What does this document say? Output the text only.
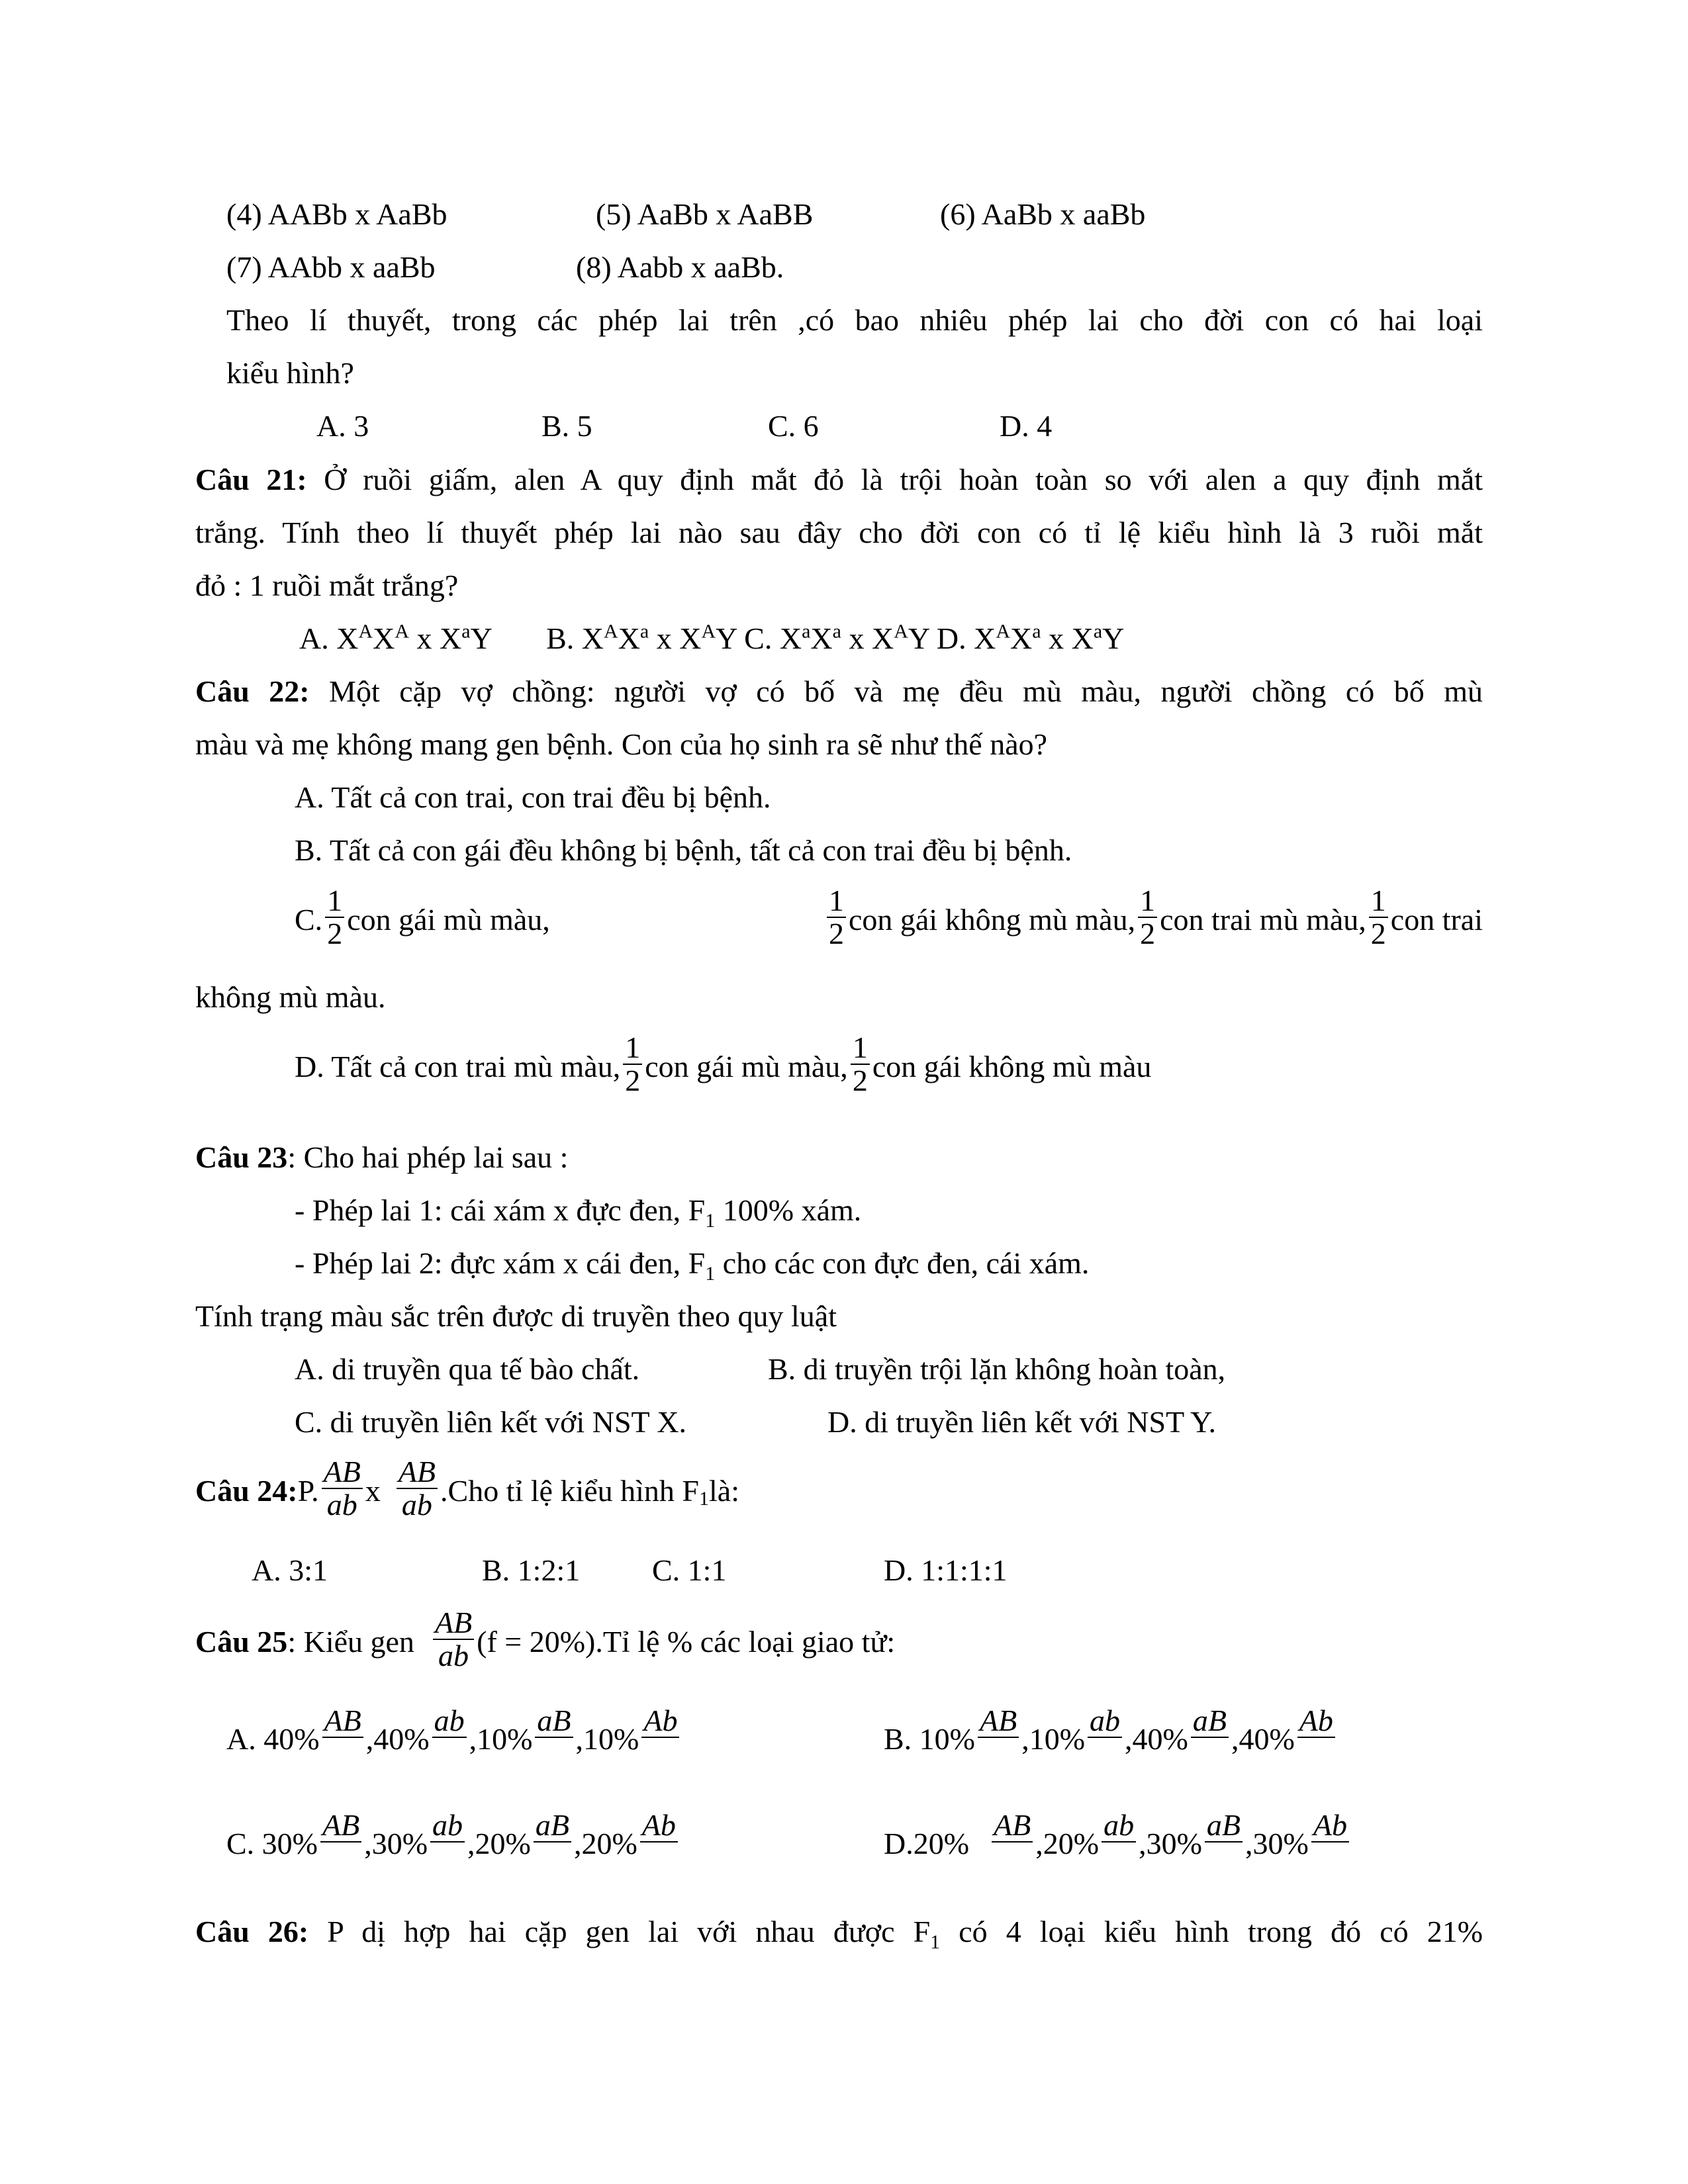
(4) AABb x AaBb	(5) AaBb x AaBB	(6) AaBb x aaBb
(7) AAbb x aaBb	(8) Aabb x aaBb.
Theo lí thuyết, trong các phép lai trên ,có bao nhiêu phép lai cho đời con có hai loại
kiểu hình?
A. 3	B. 5	C. 6	D. 4
Câu 21: Ở ruồi giấm, alen A quy định mắt đỏ là trội hoàn toàn so với alen a quy định mắt
trắng. Tính theo lí thuyết phép lai nào sau đây cho đời con có tỉ lệ kiểu hình là 3 ruồi mắt
đỏ : 1 ruồi mắt trắng?
A. $X^AX^A$ x $X^aY$ B. $X^AX^a$ x $X^AY$ C. $X^aX^a$ x $X^AY$ D. $X^AX^a$ x $X^aY$
Câu 22: Một cặp vợ chồng: người vợ có bố và mẹ đều mù màu, người chồng có bố mù
màu và mẹ không mang gen bệnh. Con của họ sinh ra sẽ như thế nào?
A. Tất cả con trai, con trai đều bị bệnh.
B. Tất cả con gái đều không bị bệnh, tất cả con trai đều bị bệnh.
C. $\frac{1}{2}$ con gái mù màu,	$\frac{1}{2}$ con gái không mù màu, $\frac{1}{2}$ con trai mù màu, $\frac{1}{2}$ con trai
không mù màu.
D. Tất cả con trai mù màu, $\frac{1}{2}$ con gái mù màu, $\frac{1}{2}$ con gái không mù màu
Câu 23: Cho hai phép lai sau :
- Phép lai 1: cái xám x đực đen, $F_1$ 100% xám.
- Phép lai 2: đực xám x cái đen, $F_1$ cho các con đực đen, cái xám.
Tính trạng màu sắc trên được di truyền theo quy luật
A. di truyền qua tế bào chất.	B. di truyền trội lặn không hoàn toàn,
C. di truyền liên kết với NST X.	D. di truyền liên kết với NST Y.
Câu 24: P. $\frac{AB}{ab}$ x $\frac{AB}{ab} .Cho$ tỉ lệ kiểu hình $F_1$ là:
A. 3:1	B. 1:2:1 C. 1:1	D. 1:1:1:1
Câu 25 : Kiểu gen $\frac{AB}{ab} (f$ = 20%).Tỉ lệ % các loại giao tử:
A. 40%
AB
,40%
ab
,10%
aB
,10%
Ab
B. 10%
AB
,10%
ab
,40%
aB
,40%
Ab
C. 30%
AB
,30%
ab
,20%
aB
,20%
Ab
D.20%
AB
,20%
ab
,30%
aB
,30%
Ab
Câu 26: P dị hợp hai cặp gen lai với nhau được $F_1$ có 4 loại kiểu hình trong đó có 21%
